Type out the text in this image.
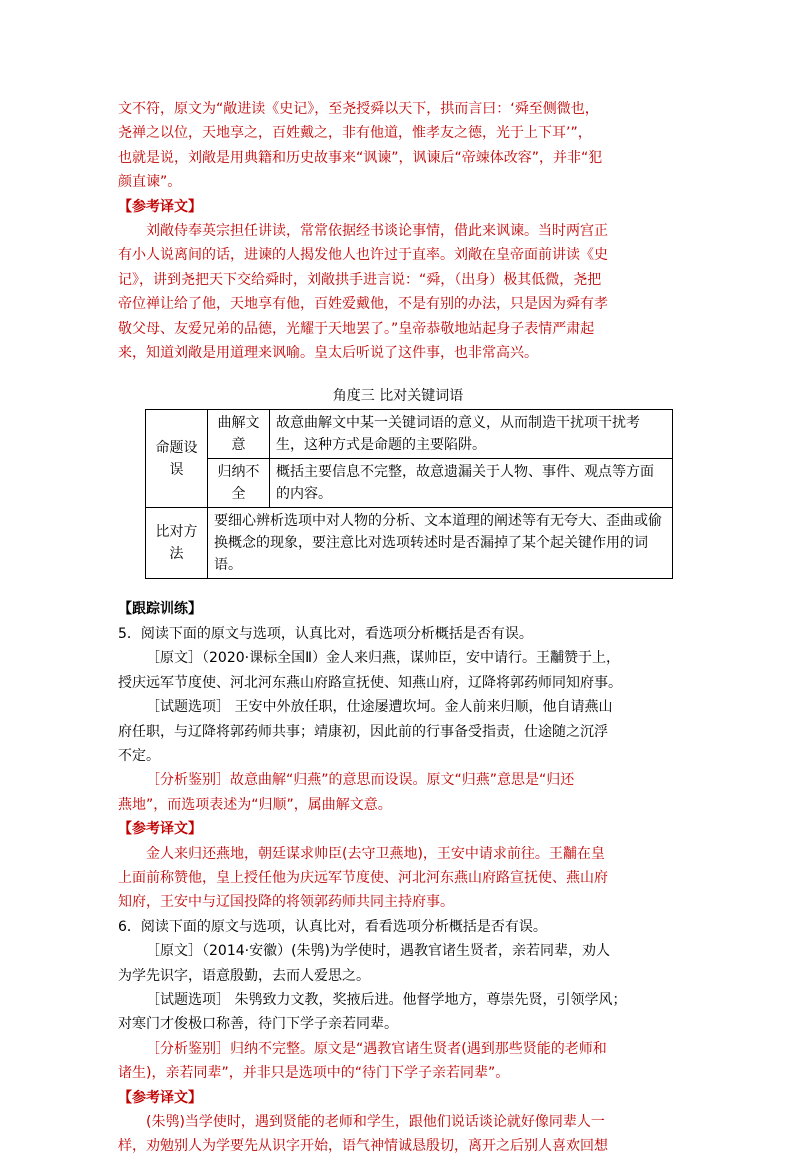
文不符，原文为“敞进读《史记》，至尧授舜以天下，拱而言曰：‘舜至侧微也，
尧禅之以位，天地享之，百姓戴之，非有他道，惟孝友之德，光于上下耳’”，
也就是说，刘敞是用典籍和历史故事来“讽谏”，讽谏后“帝竦体改容”，并非“犯
颜直谏”。
【参考译文】
刘敞侍奉英宗担任讲读，常常依据经书谈论事情，借此来讽谏。当时两宫正
有小人说离间的话，进谏的人揭发他人也许过于直率。刘敞在皇帝面前讲读《史
记》，讲到尧把天下交给舜时，刘敞拱手进言说：“舜，（出身）极其低微，尧把
帝位禅让给了他，天地享有他，百姓爱戴他，不是有别的办法，只是因为舜有孝
敬父母、友爱兄弟的品德，光耀于天地罢了。”皇帝恭敬地站起身子表情严肃起
来，知道刘敞是用道理来讽喻。皇太后听说了这件事，也非常高兴。
角度三 比对关键词语
命题设误	曲解文意	故意曲解文中某一关键词语的意义，从而制造干扰项干扰考生，这种方式是命题的主要陷阱。
	归纳不全	概括主要信息不完整，故意遗漏关于人物、事件、观点等方面的内容。
比对方法	要细心辨析选项中对人物的分析、文本道理的阐述等有无夸大、歪曲或偷换概念的现象，要注意比对选项转述时是否漏掉了某个起关键作用的词语。	
【跟踪训练】
5．阅读下面的原文与选项，认真比对，看选项分析概括是否有误。
［原文］（2020·课标全国Ⅱ）金人来归燕，谋帅臣，安中请行。王黼赞于上，
授庆远军节度使、河北河东燕山府路宣抚使、知燕山府，辽降将郭药师同知府事。
［试题选项］ 王安中外放任职，仕途屡遭坎坷。金人前来归顺，他自请燕山
府任职，与辽降将郭药师共事；靖康初，因此前的行事备受指责，仕途随之沉浮
不定。
［分析鉴别］故意曲解“归燕”的意思而设误。原文“归燕”意思是“归还
燕地”，而选项表述为“归顺”，属曲解文意。
【参考译文】
金人来归还燕地，朝廷谋求帅臣(去守卫燕地)，王安中请求前往。王黼在皇
上面前称赞他，皇上授任他为庆远军节度使、河北河东燕山府路宣抚使、燕山府
知府，王安中与辽国投降的将领郭药师共同主持府事。
6．阅读下面的原文与选项，认真比对，看看选项分析概括是否有误。
［原文］（2014·安徽）(朱鸮)为学使时，遇教官诸生贤者，亲若同辈，劝人
为学先识字，语意殷勤，去而人爱思之。
［试题选项］ 朱鸮致力文教，奖掖后进。他督学地方，尊崇先贤，引领学风；
对寒门才俊极口称善，待门下学子亲若同辈。
［分析鉴别］归纳不完整。原文是“遇教官诸生贤者(遇到那些贤能的老师和
诸生)，亲若同辈”，并非只是选项中的“待门下学子亲若同辈”。
【参考译文】
(朱鸮)当学使时，遇到贤能的老师和学生，跟他们说话谈论就好像同辈人一
样，劝勉别人为学要先从识字开始，语气神情诚恳殷切，离开之后别人喜欢回想
